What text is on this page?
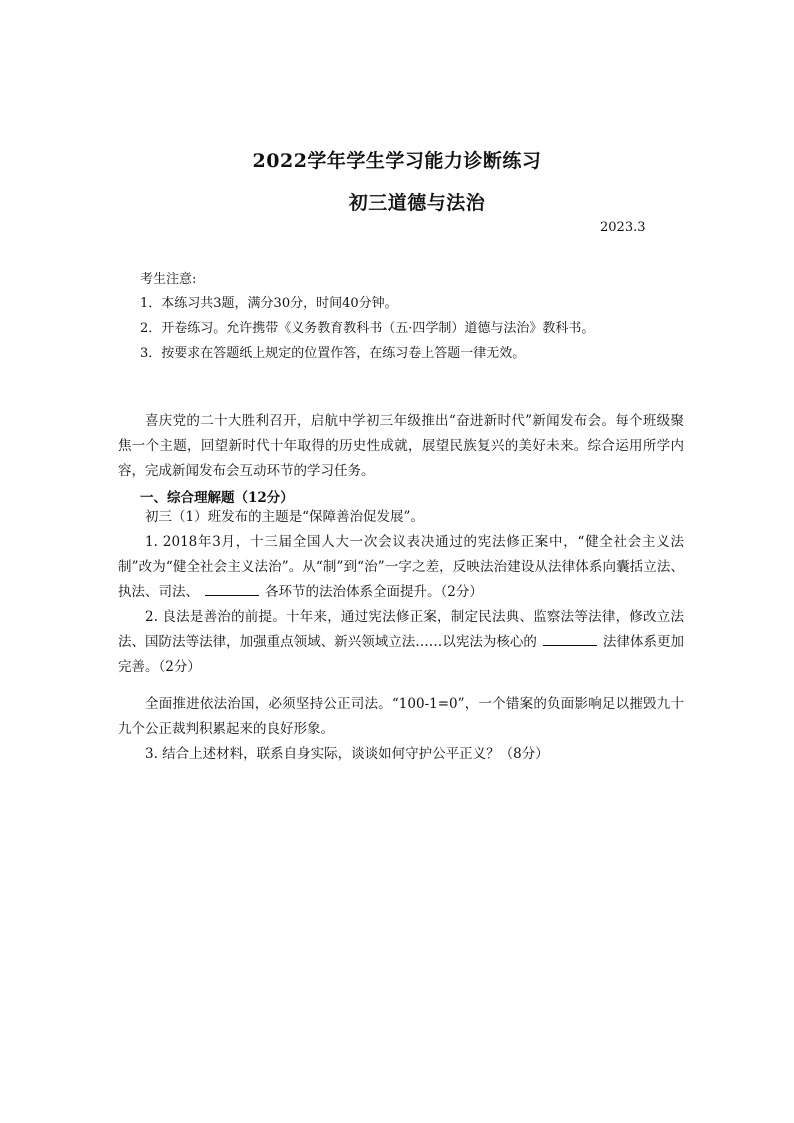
2022学年学生学习能力诊断练习
初三道德与法治
2023.3
考生注意:
1．本练习共3题，满分30分，时间40分钟。
2．开卷练习。允许携带《义务教育教科书（五·四学制）道德与法治》教科书。
3．按要求在答题纸上规定的位置作答，在练习卷上答题一律无效。
喜庆党的二十大胜利召开，启航中学初三年级推出“奋进新时代”新闻发布会。每个班级聚焦一个主题，回望新时代十年取得的历史性成就，展望民族复兴的美好未来。综合运用所学内容，完成新闻发布会互动环节的学习任务。
一、综合理解题（12分）
初三（1）班发布的主题是“保障善治促发展”。
1. 2018年3月，十三届全国人大一次会议表决通过的宪法修正案中，“健全社会主义法制”改为“健全社会主义法治”。从“制”到“治”一字之差，反映法治建设从法律体系向囊括立法、执法、司法、	各环节的法治体系全面提升。（2分）
2. 良法是善治的前提。十年来，通过宪法修正案，制定民法典、监察法等法律，修改立法法、国防法等法律，加强重点领域、新兴领域立法……以宪法为核心的	法律体系更加完善。（2分）
全面推进依法治国，必须坚持公正司法。“100-1=0”，一个错案的负面影响足以摧毁九十九个公正裁判积累起来的良好形象。
3. 结合上述材料，联系自身实际，谈谈如何守护公平正义？（8分）
